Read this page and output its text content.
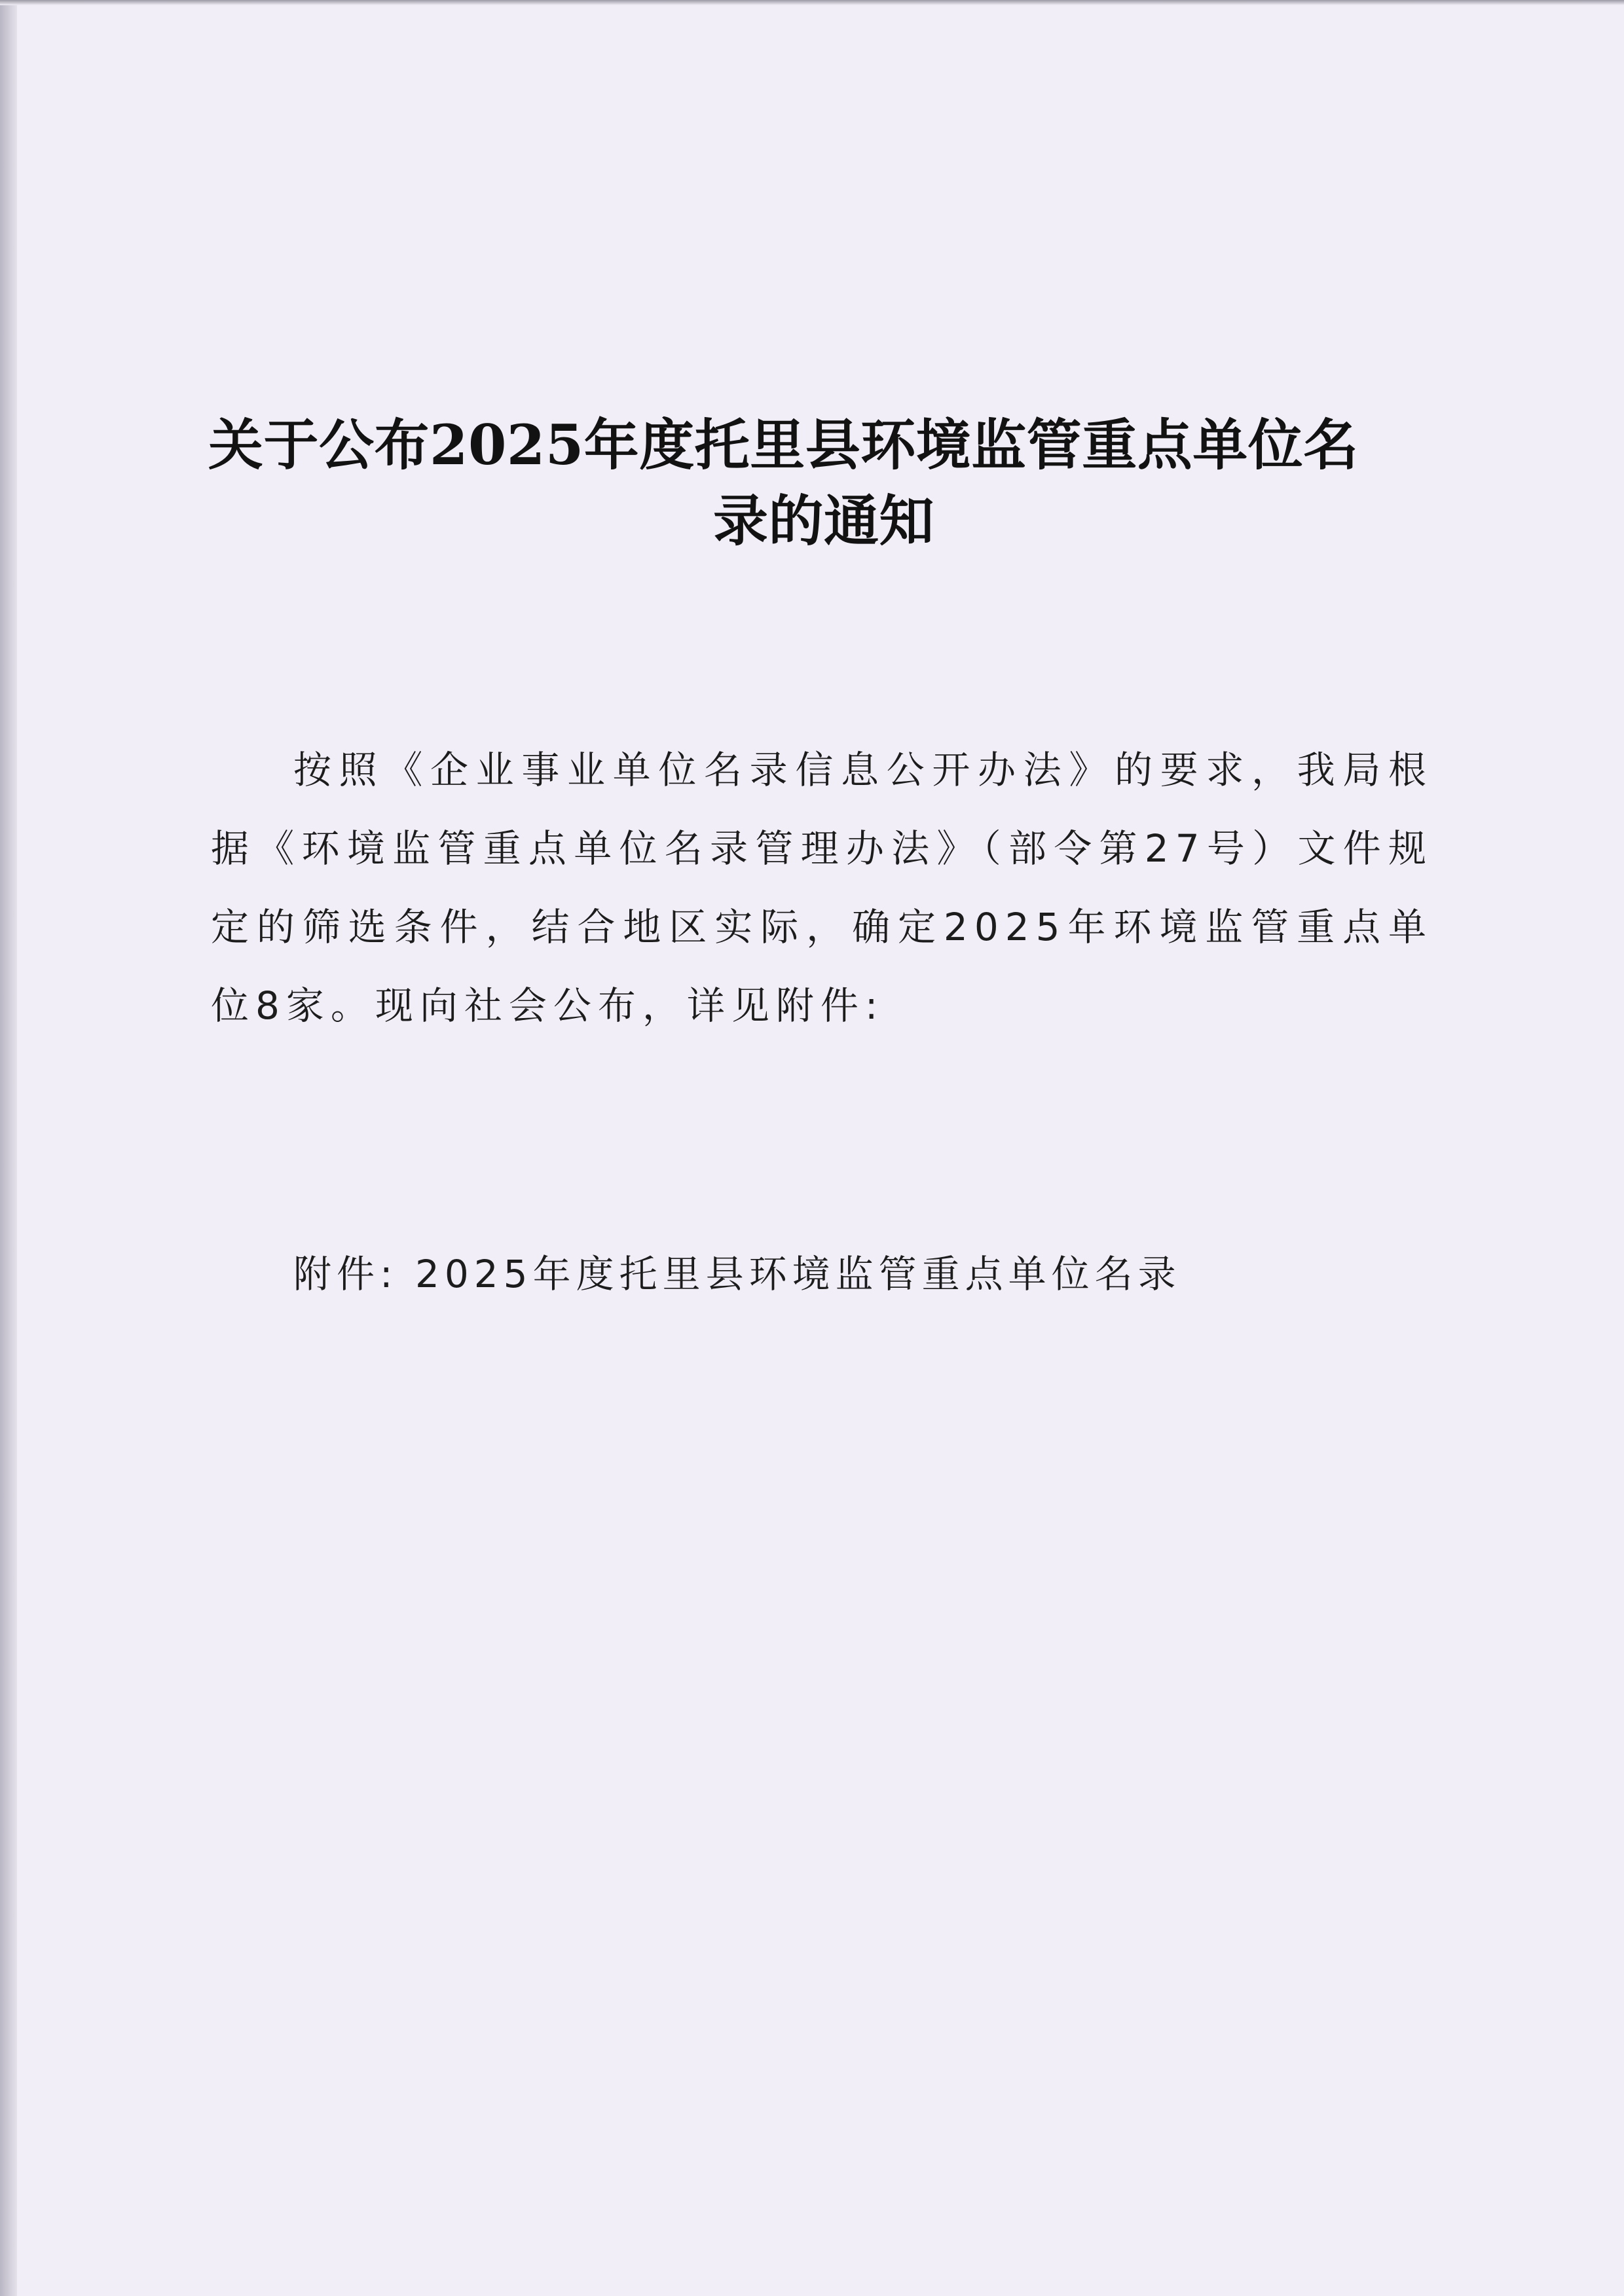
关于公布2025年度托里县环境监管重点单位名
录的通知

按照《企业事业单位名录信息公开办法》的要求，我局根据《环境监管重点单位名录管理办法》（部令第27号）文件规定的筛选条件，结合地区实际，确定2025年环境监管重点单位8家。现向社会公布，详见附件:

附件: 2025年度托里县环境监管重点单位名录
